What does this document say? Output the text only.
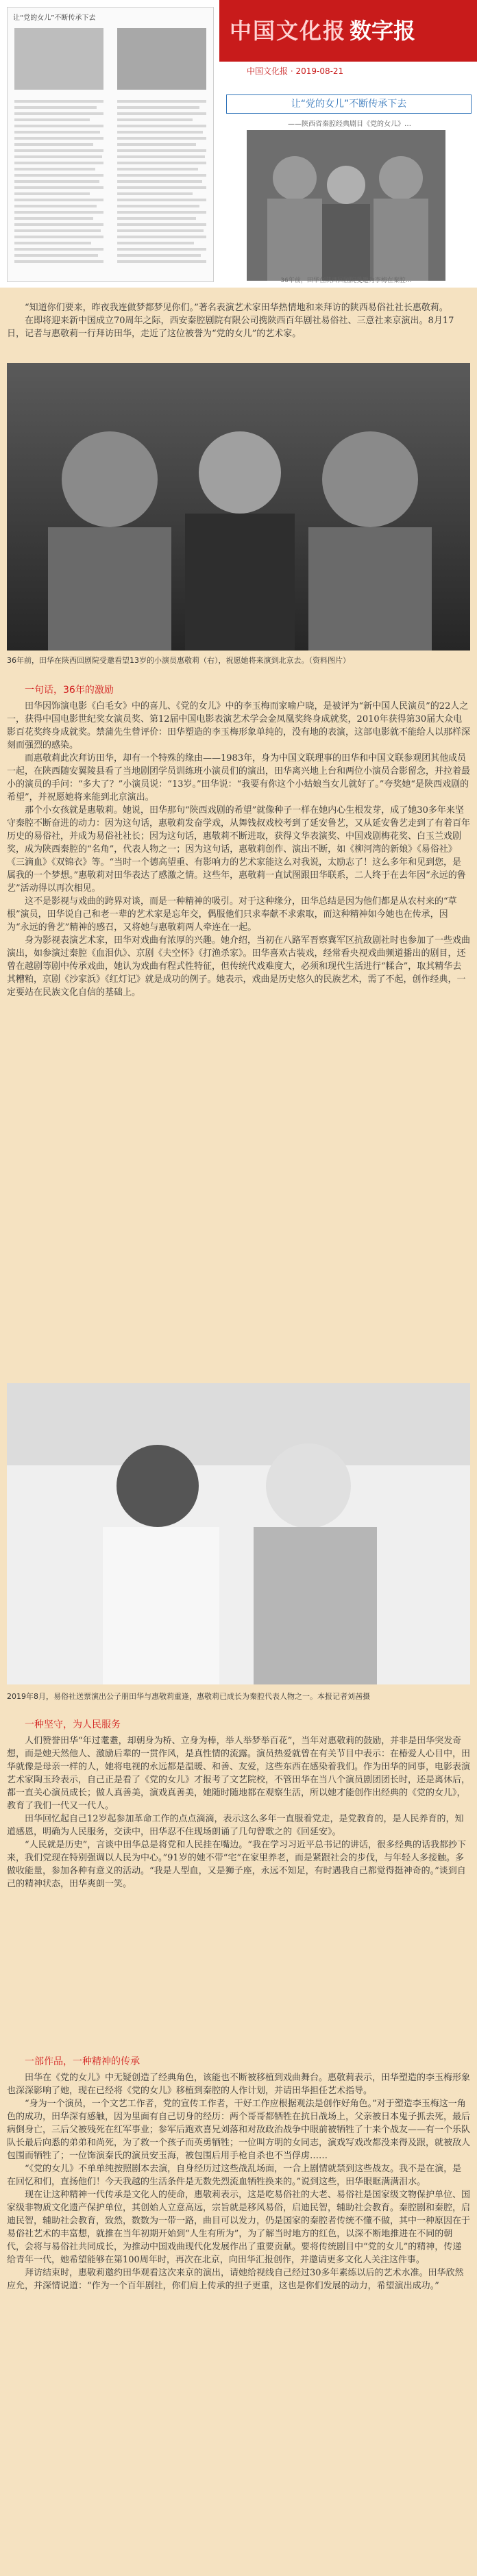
让“党的女儿”不断传承下去	中国文化报 数字报
中国文化报 · 2019-08-21
让“党的女儿”不断传承下去
——陕西省秦腔经典剧目《党的女儿》…
36年前，田华在陕西回剧院受邀为李梅在秦腔…

“知道你们要来，昨夜我连做梦都梦见你们。”著名表演艺术家田华热情地和来拜访的陕西易俗社社长惠敬莉。

在即将迎来新中国成立70周年之际，西安秦腔剧院有限公司携陕西百年剧社易俗社、三意社来京演出。8月17日，记者与惠敬莉一行拜访田华，走近了这位被誉为“党的女儿”的艺术家。

36年前，田华在陕西回剧院受邀看望13岁的小演员惠敬莉（右），祝愿她将来演到北京去。（资料图片）
一句话，36年的激励

田华因饰演电影《白毛女》中的喜儿、《党的女儿》中的李玉梅而家喻户晓，是被评为“新中国人民演员”的22人之一，获得中国电影世纪奖女演员奖、第12届中国电影表演艺术学会金凤凰奖终身成就奖，2010年获得第30届大众电影百花奖终身成就奖。禁蒲先生曾评价：田华塑造的李玉梅形象单纯的，没有地的表演，这部电影就不能给人以那样深刻而强烈的感染。

而惠敬莉此次拜访田华，却有一个特殊的缘由——1983年，身为中国文联理事的田华和中国文联参观团其他成员一起，在陕西随安翼陵县看了当地剧团学员训练班小演员们的演出，田华离兴地上台和两位小演员合影留念，并拉着最小的演员的手问：“多大了？”小演员说：“13岁。”田华说：“我要有你这个小姑娘当女儿就好了。”夸奖她“是陕西戏剧的希望”，并祝愿她将来能到北京演出。

那个小女孩就是惠敬莉。她说，田华那句“陕西戏剧的希望”就像种子一样在她内心生根发芽，成了她30多年来坚守秦腔不断奋进的动力：因为这句话，惠敬莉发奋学戏，从舞钱叔戏校考到了延安鲁艺，又从延安鲁艺走到了有着百年历史的易俗社，并成为易俗社社长；因为这句话，惠敬莉不断进取，获得文华表演奖、中国戏剧梅花奖、白玉兰戏剧奖，成为陕西秦腔的“名角”，代表人物之一；因为这句话，惠敬莉创作、演出不断，如《柳河湾的新娘》《易俗社》《三滴血》《双锦衣》等。“当时一个德高望重、有影响力的艺术家能这么对我说，太励志了！这么多年和见到您，是属我的一个梦想。”惠敬莉对田华表达了感激之情。这些年，惠敬莉一直试图跟田华联系，二人终于在去年因“永远的鲁艺”活动得以再次相见。

这不是影视与戏曲的跨界对谈，而是一种精神的吸引。对于这种缘分，田华总结是因为他们都是从农村来的“草根”演员，田华说自己和老一辈的艺术家是忘年交，偶服他们只求奉献不求索取，而这种精神如今她也在传承，因为“永远的鲁艺”精神的感召，又将她与惠敬莉两人牵连在一起。

身为影视表演艺术家，田华对戏曲有浓厚的兴趣。她介绍，当初在八路军晋察冀军区抗敌剧社时也参加了一些戏曲演出，如参演过秦腔《血泪仇》、京剧《夫空怀》《打渔杀家》。田华喜欢古装戏，经常看央视戏曲频道播出的剧目，还曾在越剧等剧中传承戏曲，她认为戏曲有程式性特征，但传统代戏难度大，必须和现代生活进行“糅合”，取其精华去其糟粕，京剧《沙家浜》《红灯记》就是成功的例子。她表示，戏曲是历史悠久的民族艺术，需了不起，创作经典，一定要站在民族文化自信的基础上。

2019年8月，易俗社送票演出公子朋田华与惠敬莉重逢，惠敬莉已成长为秦腔代表人物之一。本报记者刘茜摄
一种坚守，为人民服务

人们赞誉田华“年过耄耋，却朝身为桥、立身为棒，举人举梦举百花”，当年对惠敬莉的鼓励，并非是田华突发奇想，而是她天然他人、激励后辈的一贯作风，是真性情的流露。演员热爱就曾在有关节目中表示：在椿爱人心目中，田华就像是母亲一样的人，她将电视的永远都是温暖、和善、友爱，这些东西在感染着我们。作为田华的同事，电影表演艺术家陶玉玲表示，自己正是看了《党的女儿》才报考了文艺院校，不管田华在当八个演员剧团团长时，还是离休后，都一直关心演员成长；做人真善美，演戏真善美，她随时随地都在观察生活，所以她才能创作出经典的《党的女儿》，教育了我们一代又一代人。

田华回忆起自己12岁起参加革命工作的点点滴滴，表示这么多年一直服着党走，是党教育的，是人民养育的，知道感恩，明确为人民服务，交读中，田华忍不住现场朗诵了几句曾歌之的《回延安》。

“人民就是历史”，言谈中田华总是将党和人民挂在嘴边。“我在学习习近平总书记的讲话，很多经典的话我都抄下来，我们党现在特别强调以人民为中心。”91岁的她不带“宅”在家里养老，而是紧跟社会的步伐，与年轻人多接触。多做收能量，参加各种有意义的活动。“我是人型血，又是狮子座，永远不知足，有时遇我自己都觉得挺神奇的。”谈到自己的精神状态，田华爽朗一笑。

一部作品，一种精神的传承

田华在《党的女儿》中无疑创造了经典角色，该能也不断被移植到戏曲舞台。惠敬莉表示，田华塑造的李玉梅形象也深深影响了她，现在已经将《党的女儿》移植到秦腔的人作计划，并请田华担任艺术指导。

“身为一个演员，一个文艺工作者，党的宣传工作者，干好工作应根据观法是创作好角色。”对于塑造李玉梅这一角色的成功，田华深有感触，因为里面有自己切身的经历：两个哥哥都牺牲在抗日战场上，父亲被日本鬼子抓去死，最后病倒身亡，三后父被残死在红军事业；参军后跑欢喜兄刘落和对敌政治战争中眼前被牺牲了十来个战友——有一个乐队队长最后向悉的弟弟和尚死，为了救一个孩子而英勇牺牲；一位叫方明的女同志，演戏写戏改都没来得及跟，就被敌人包围而牺牲了；一位饰演秦氏的演员安玉海，被包围后用手枪自杀也不当俘虏……

“《党的女儿》不单单纯按照剧本去演，自身经历过这些战乱场面，一合上剧情就禁到这些战友。我不是在演，是在回忆和们，直扬他们！今天我越的生活条件是无数先烈流血牺牲换来的。”说到这些，田华眼眶满满泪水。

现在让这种精神一代传承是文化人的使命，惠敬莉表示，这是吃易俗社的大老、易俗社是国家级文物保护单位、国家级非物质文化遗产保护单位，其创始人立意高远，宗旨就是移风易俗，启迪民智，辅助社会教育。秦腔剧和秦腔，启迪民智，辅助社会教育，致然，数数为一带一路，曲目可以发力，仍是国家的秦腔者传统不懂不做，其中一种原因在于易俗社艺术的丰富想，就推在当年初期开始到“人生有所为”，为了解当时地方的红色，以深不断地推进在不同的朝代，会将与易俗社共同成长，为推动中国戏曲现代化发展作出了重要贡献。要将传统剧目中“党的女儿”的精神，传递给青年一代，她希望能够在第100周年时，再次在北京，向田华汇报创作，并邀请更多文化人关注这件事。

拜访结束时，惠敬莉邀约田华观看这次来京的演出，请她给视线自己经过30多年素练以后的艺术水准。田华欣然应允，并深情说道：“作为一个百年剧社，你们肩上传承的担子更重，这也是你们发展的动力，希望演出成功。”
